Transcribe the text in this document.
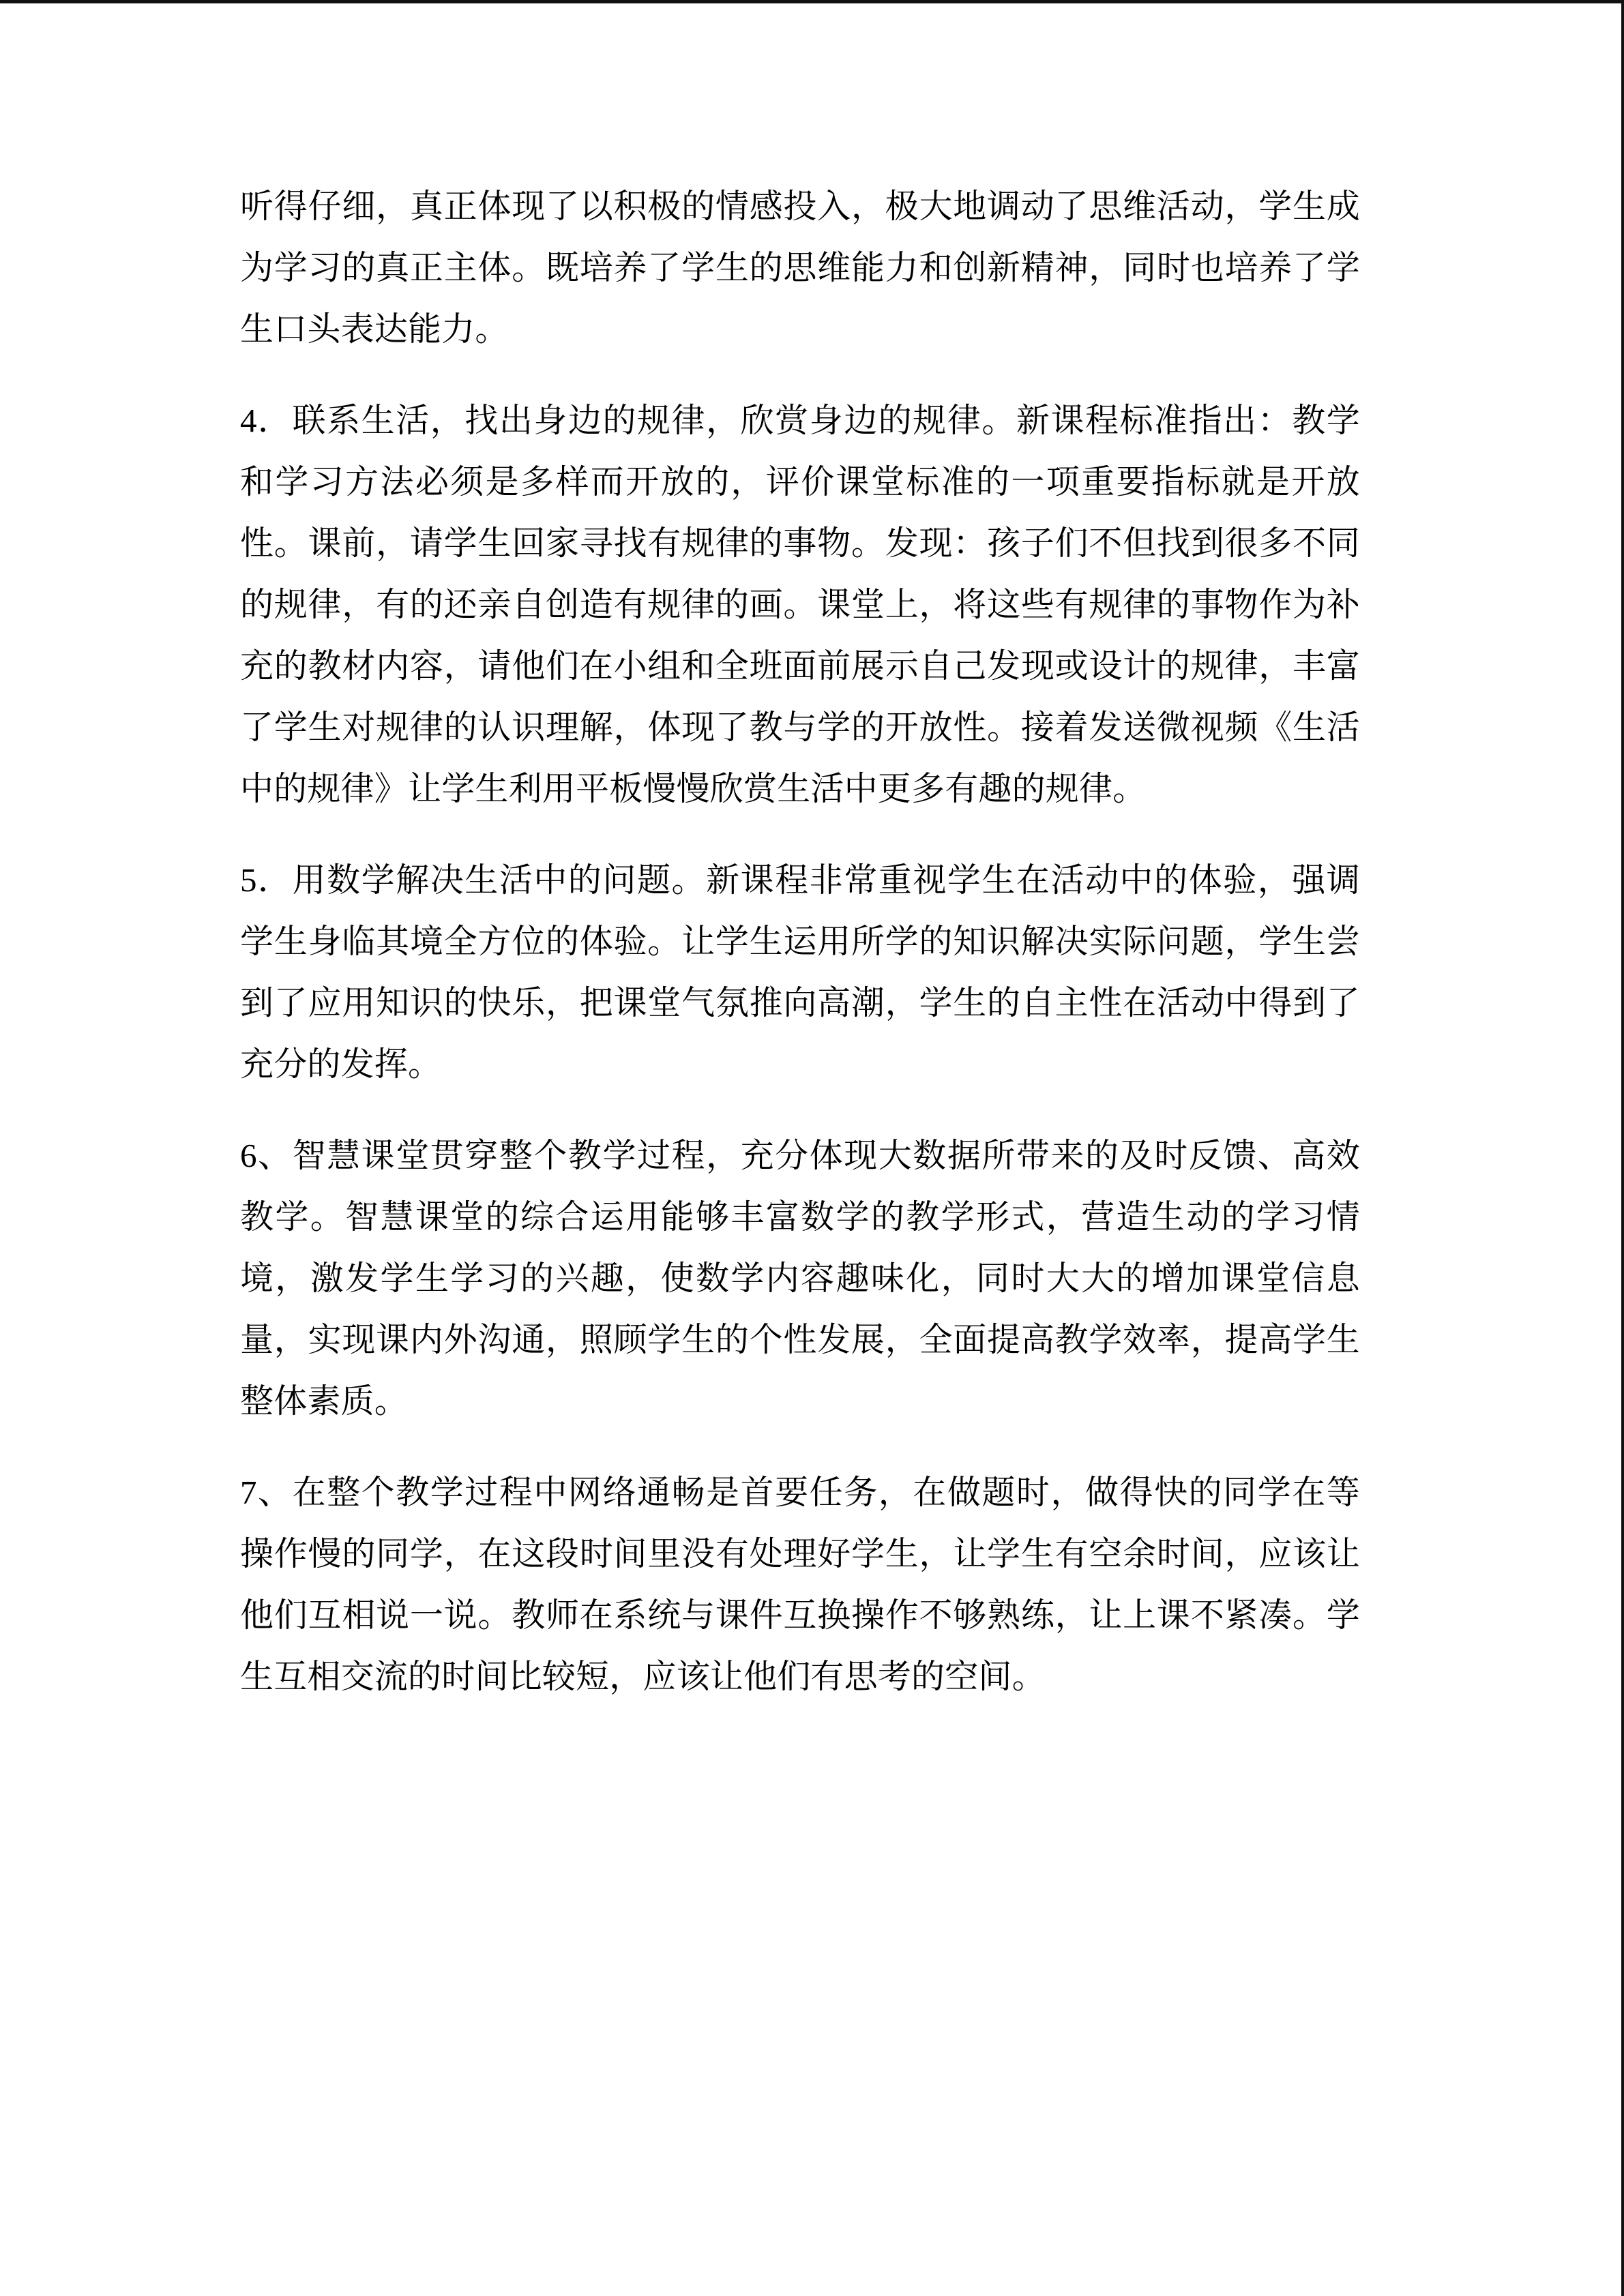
听得仔细，真正体现了以积极的情感投入，极大地调动了思维活动，学生成为学习的真正主体。既培养了学生的思维能力和创新精神，同时也培养了学生口头表达能力。

4．联系生活，找出身边的规律，欣赏身边的规律。新课程标准指出：教学和学习方法必须是多样而开放的，评价课堂标准的一项重要指标就是开放性。课前，请学生回家寻找有规律的事物。发现：孩子们不但找到很多不同的规律，有的还亲自创造有规律的画。课堂上，将这些有规律的事物作为补充的教材内容，请他们在小组和全班面前展示自己发现或设计的规律，丰富了学生对规律的认识理解，体现了教与学的开放性。接着发送微视频《生活中的规律》让学生利用平板慢慢欣赏生活中更多有趣的规律。

5．用数学解决生活中的问题。新课程非常重视学生在活动中的体验，强调学生身临其境全方位的体验。让学生运用所学的知识解决实际问题，学生尝到了应用知识的快乐，把课堂气氛推向高潮，学生的自主性在活动中得到了充分的发挥。

6、智慧课堂贯穿整个教学过程，充分体现大数据所带来的及时反馈、高效教学。智慧课堂的综合运用能够丰富数学的教学形式，营造生动的学习情境，激发学生学习的兴趣，使数学内容趣味化，同时大大的增加课堂信息量，实现课内外沟通，照顾学生的个性发展，全面提高教学效率，提高学生整体素质。

7、在整个教学过程中网络通畅是首要任务，在做题时，做得快的同学在等操作慢的同学，在这段时间里没有处理好学生，让学生有空余时间，应该让他们互相说一说。教师在系统与课件互换操作不够熟练，让上课不紧凑。学生互相交流的时间比较短，应该让他们有思考的空间。
